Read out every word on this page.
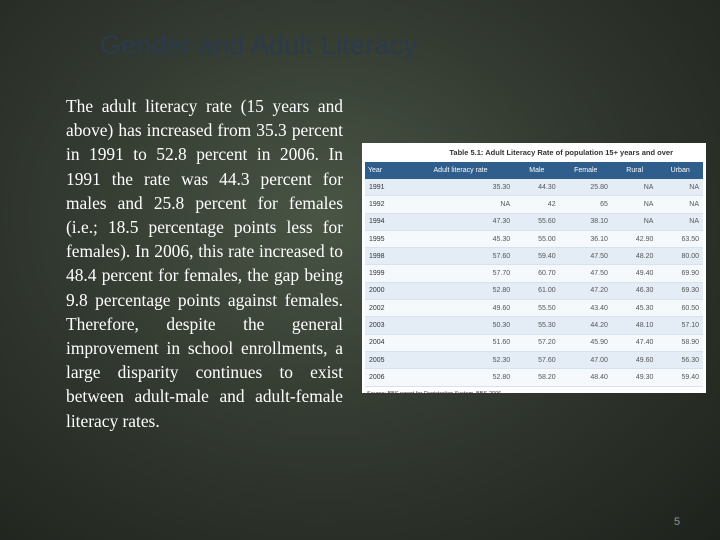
Gender and Adult Literacy

The adult literacy rate (15 years and above) has increased from 35.3 percent in 1991 to 52.8 percent in 2006. In 1991 the rate was 44.3 percent for males and 25.8 percent for females (i.e.; 18.5 percentage points less for females). In 2006, this rate increased to 48.4 percent for females, the gap being 9.8 percentage points against females. Therefore, despite the general improvement in school enrollments, a large disparity continues to exist between adult-male and adult-female literacy rates.

Table 5.1: Adult Literacy Rate of population 15+ years and over
Year	Adult literacy rate	Male	Female	Rural	Urban
1991	35.30	44.30	25.80	NA	NA
1992	NA	42	65	NA	NA
1994	47.30	55.60	38.10	NA	NA
1995	45.30	55.00	36.10	42.90	63.50
1998	57.60	59.40	47.50	48.20	80.00
1999	57.70	60.70	47.50	49.40	69.90
2000	52.80	61.00	47.20	46.30	69.30
2002	49.60	55.50	43.40	45.30	60.50
2003	50.30	55.30	44.20	48.10	57.10
2004	51.60	57.20	45.90	47.40	58.90
2005	52.30	57.60	47.00	49.60	56.30
2006	52.80	58.20	48.40	49.30	59.40
Source: BBS report for Registration System, BBS-2006
5
